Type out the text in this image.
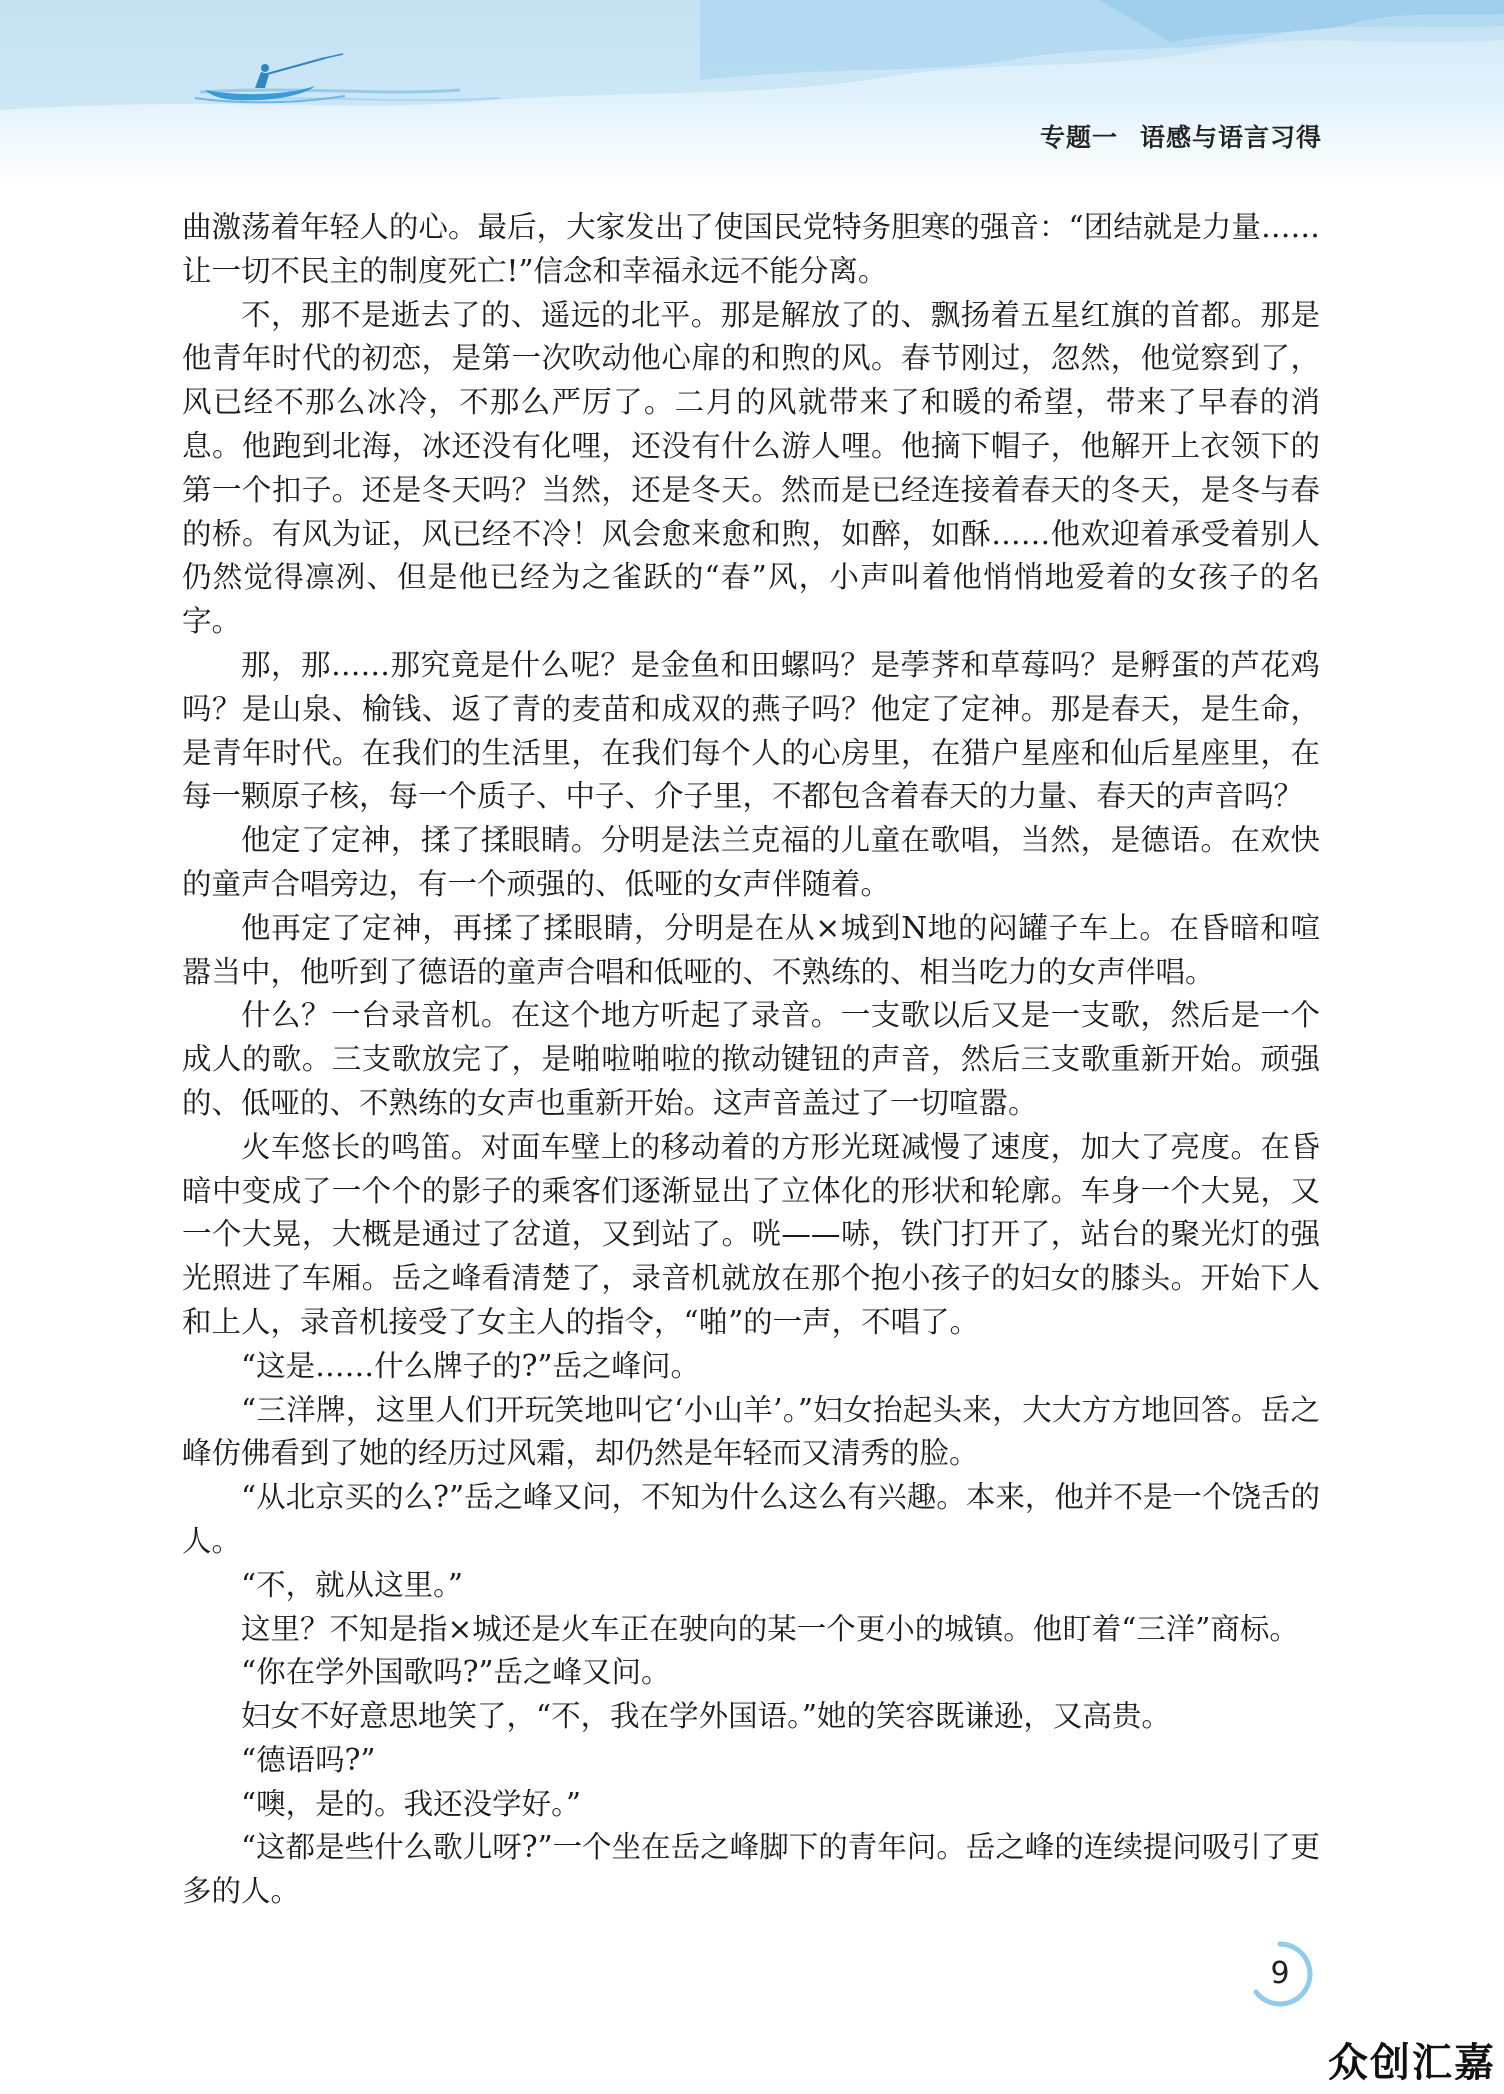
专题一 语感与语言习得

曲激荡着年轻人的心。最后，大家发出了使国民党特务胆寒的强音：“团结就是力量……让一切不民主的制度死亡!”信念和幸福永远不能分离。

不，那不是逝去了的、遥远的北平。那是解放了的、飘扬着五星红旗的首都。那是他青年时代的初恋，是第一次吹动他心扉的和煦的风。春节刚过，忽然，他觉察到了，风已经不那么冰冷，不那么严厉了。二月的风就带来了和暖的希望，带来了早春的消息。他跑到北海，冰还没有化哩，还没有什么游人哩。他摘下帽子，他解开上衣领下的第一个扣子。还是冬天吗？当然，还是冬天。然而是已经连接着春天的冬天，是冬与春的桥。有风为证，风已经不冷！风会愈来愈和煦，如醉，如酥……他欢迎着承受着别人仍然觉得凛冽、但是他已经为之雀跃的“春”风，小声叫着他悄悄地爱着的女孩子的名字。

那，那……那究竟是什么呢？是金鱼和田螺吗？是荸荠和草莓吗？是孵蛋的芦花鸡吗？是山泉、榆钱、返了青的麦苗和成双的燕子吗？他定了定神。那是春天，是生命，是青年时代。在我们的生活里，在我们每个人的心房里，在猎户星座和仙后星座里，在每一颗原子核，每一个质子、中子、介子里，不都包含着春天的力量、春天的声音吗？

他定了定神，揉了揉眼睛。分明是法兰克福的儿童在歌唱，当然，是德语。在欢快的童声合唱旁边，有一个顽强的、低哑的女声伴随着。

他再定了定神，再揉了揉眼睛，分明是在从×城到N地的闷罐子车上。在昏暗和喧嚣当中，他听到了德语的童声合唱和低哑的、不熟练的、相当吃力的女声伴唱。

什么？一台录音机。在这个地方听起了录音。一支歌以后又是一支歌，然后是一个成人的歌。三支歌放完了，是啪啦啪啦的揿动键钮的声音，然后三支歌重新开始。顽强的、低哑的、不熟练的女声也重新开始。这声音盖过了一切喧嚣。

火车悠长的鸣笛。对面车壁上的移动着的方形光斑减慢了速度，加大了亮度。在昏暗中变成了一个个的影子的乘客们逐渐显出了立体化的形状和轮廓。车身一个大晃，又一个大晃，大概是通过了岔道，又到站了。咣——哧，铁门打开了，站台的聚光灯的强光照进了车厢。岳之峰看清楚了，录音机就放在那个抱小孩子的妇女的膝头。开始下人和上人，录音机接受了女主人的指令，“啪”的一声，不唱了。

“这是……什么牌子的?”岳之峰问。

“三洋牌，这里人们开玩笑地叫它‘小山羊’。”妇女抬起头来，大大方方地回答。岳之峰仿佛看到了她的经历过风霜，却仍然是年轻而又清秀的脸。

“从北京买的么?”岳之峰又问，不知为什么这么有兴趣。本来，他并不是一个饶舌的人。

“不，就从这里。”

这里？不知是指×城还是火车正在驶向的某一个更小的城镇。他盯着“三洋”商标。

“你在学外国歌吗?”岳之峰又问。

妇女不好意思地笑了，“不，我在学外国语。”她的笑容既谦逊，又高贵。

“德语吗?”

“噢，是的。我还没学好。”

“这都是些什么歌儿呀?”一个坐在岳之峰脚下的青年问。岳之峰的连续提问吸引了更多的人。

9
众创汇嘉
